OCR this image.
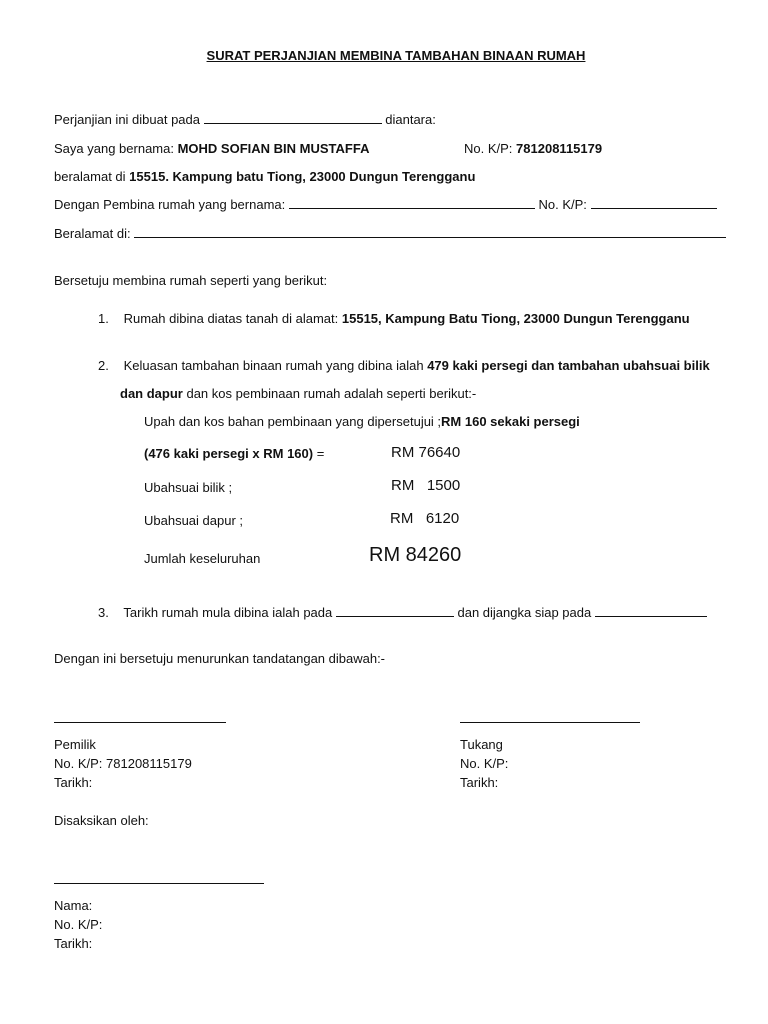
SURAT PERJANJIAN MEMBINA TAMBAHAN BINAAN RUMAH
Perjanjian ini dibuat pada	diantara:
Saya yang bernama: MOHD SOFIAN BIN MUSTAFFA	No. K/P: 781208115179
beralamat di 15515. Kampung batu Tiong, 23000 Dungun Terengganu
Dengan Pembina rumah yang bernama:	No. K/P:
Beralamat di:
Bersetuju membina rumah seperti yang berikut:
1. Rumah dibina diatas tanah di alamat: 15515, Kampung Batu Tiong, 23000 Dungun Terengganu
2. Keluasan tambahan binaan rumah yang dibina ialah 479 kaki persegi dan tambahan ubahsuai bilik
dan dapur dan kos pembinaan rumah adalah seperti berikut:-
Upah dan kos bahan pembinaan yang dipersetujui ;RM 160 sekaki persegi
(476 kaki persegi x RM 160) =	RM 76640
Ubahsuai bilik ;	RM   1500
Ubahsuai dapur ;	RM   6120
Jumlah keseluruhan	RM 84260
3. Tarikh rumah mula dibina ialah pada	dan dijangka siap pada
Dengan ini bersetuju menurunkan tandatangan dibawah:-
Pemilik
No. K/P: 781208115179
Tarikh:
Tukang
No. K/P:
Tarikh:
Disaksikan oleh:
Nama:
No. K/P:
Tarikh:
